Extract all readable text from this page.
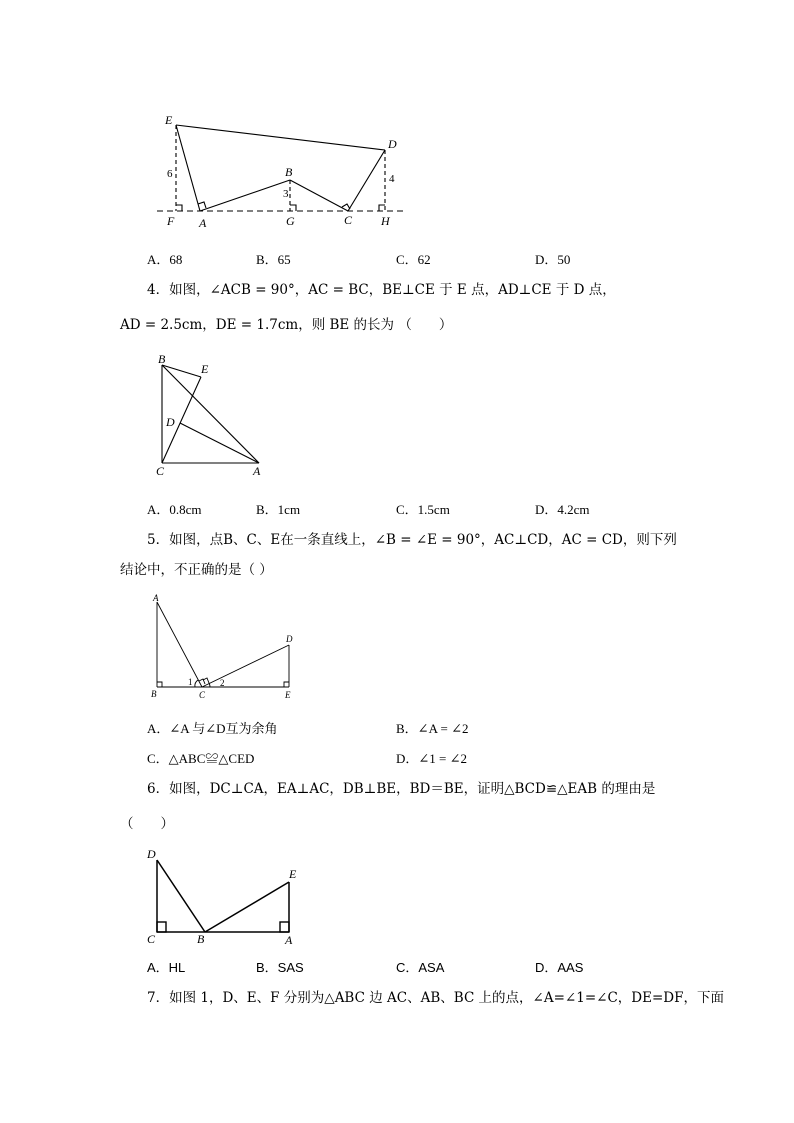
E
D
B
F A	G	C H
6
3
4
A．68	B．65	C．62	D．50
4．如图，∠ACB = 90°，AC = BC，BE⊥CE 于 E 点，AD⊥CE 于 D 点，
AD = 2.5cm，DE = 1.7cm，则 BE 的长为 （　　）
B
E
D
C	A
A．0.8cm	B．1cm	C．1.5cm	D．4.2cm
5．如图，点B、C、E在一条直线上，∠B = ∠E = 90°，AC⊥CD，AC = CD，则下列
结论中，不正确的是（ ）
A
D
B	C	E
1	2
A．∠A 与∠D互为余角	B．∠A = ∠2
C．△ABC≌△CED	D．∠1 = ∠2
6．如图，DC⊥CA，EA⊥AC，DB⊥BE，BD＝BE，证明△BCD≌△EAB 的理由是
（　　）
D
E
C	B	A
A．HL	B．SAS	C．ASA	D．AAS
7．如图 1，D、E、F 分别为△ABC 边 AC、AB、BC 上的点，∠A=∠1=∠C，DE=DF，下面
